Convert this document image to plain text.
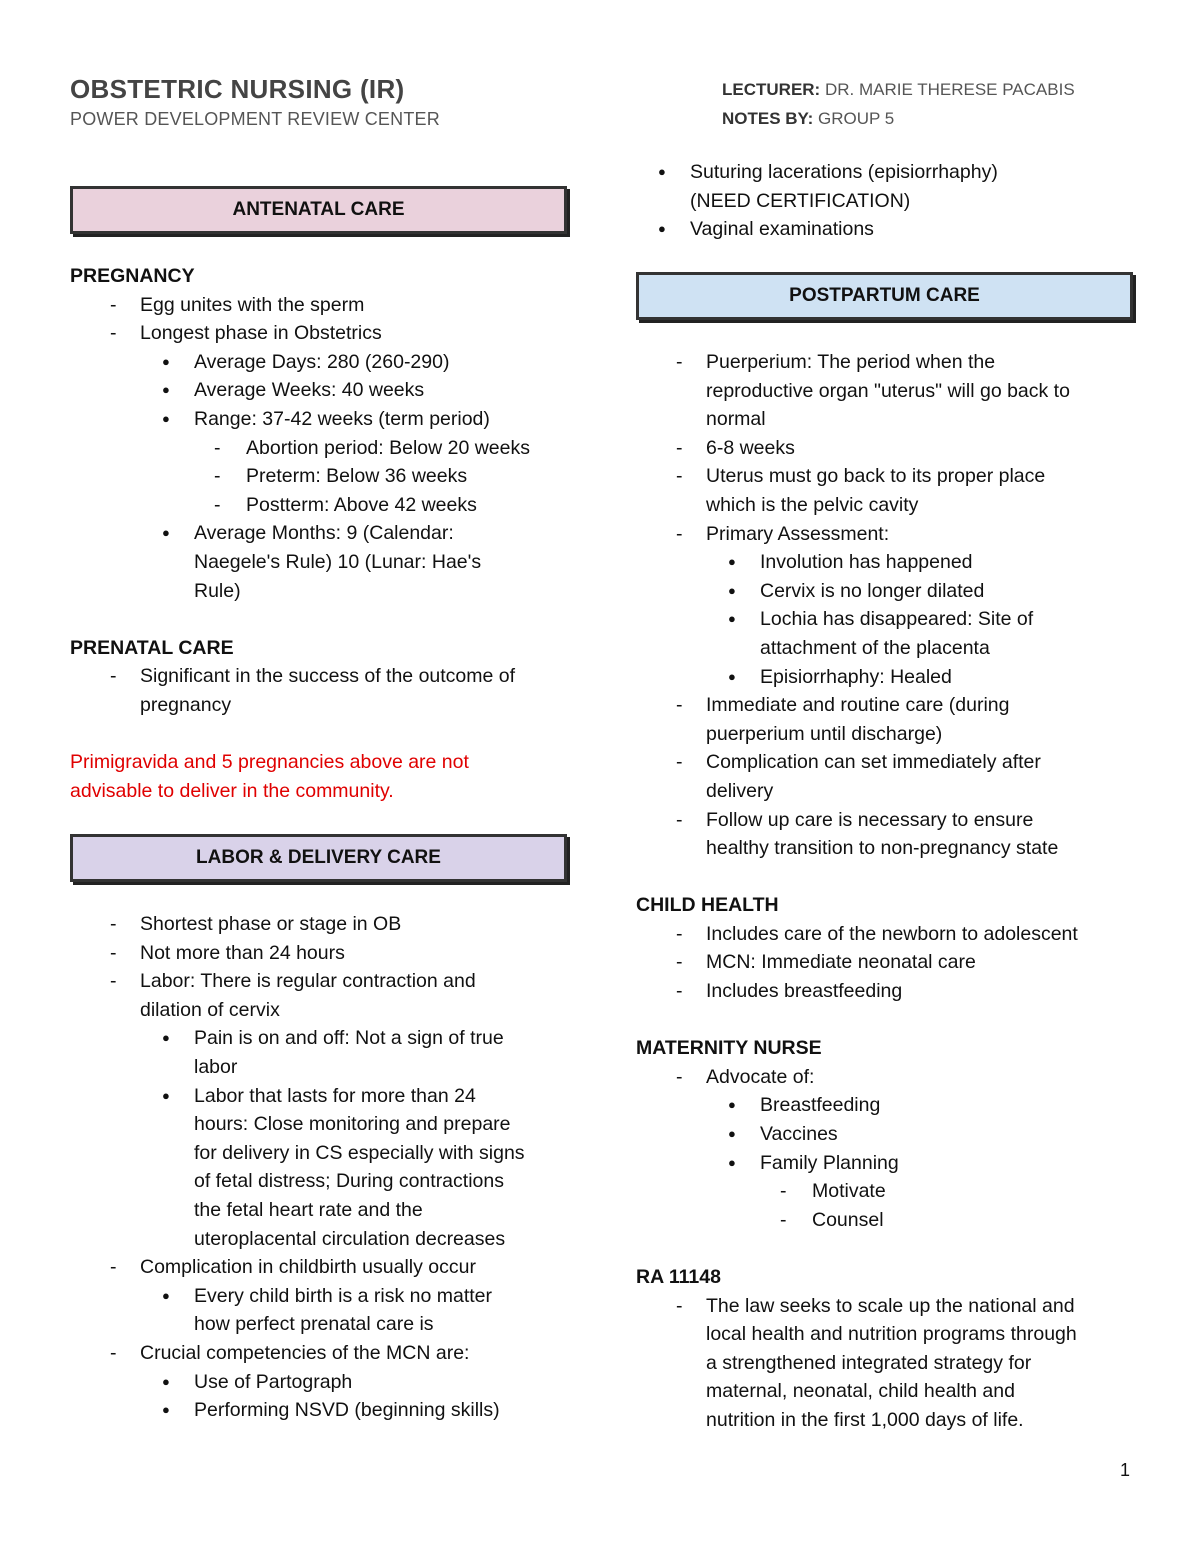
OBSTETRIC NURSING (IR)
POWER DEVELOPMENT REVIEW CENTER
LECTURER: DR. MARIE THERESE PACABIS
NOTES BY: GROUP 5
ANTENATAL CARE
LABOR & DELIVERY CARE
POSTPARTUM CARE
PREGNANCY
- Egg unites with the sperm
- Longest phase in Obstetrics
● Average Days: 280 (260-290)
● Average Weeks: 40 weeks
● Range: 37-42 weeks (term period)
- Abortion period: Below 20 weeks
- Preterm: Below 36 weeks
- Postterm: Above 42 weeks
● Average Months: 9 (Calendar:
Naegele's Rule) 10 (Lunar: Hae's
Rule)
PRENATAL CARE
- Significant in the success of the outcome of
pregnancy
Primigravida and 5 pregnancies above are not
advisable to deliver in the community.
- Shortest phase or stage in OB
- Not more than 24 hours
- Labor: There is regular contraction and
dilation of cervix
● Pain is on and off: Not a sign of true
labor
● Labor that lasts for more than 24
hours: Close monitoring and prepare
for delivery in CS especially with signs
of fetal distress; During contractions
the fetal heart rate and the
uteroplacental circulation decreases
- Complication in childbirth usually occur
● Every child birth is a risk no matter
how perfect prenatal care is
- Crucial competencies of the MCN are:
● Use of Partograph
● Performing NSVD (beginning skills)
● Suturing lacerations (episiorrhaphy)
(NEED CERTIFICATION)
● Vaginal examinations
- Puerperium: The period when the
reproductive organ "uterus" will go back to
normal
- 6-8 weeks
- Uterus must go back to its proper place
which is the pelvic cavity
- Primary Assessment:
● Involution has happened
● Cervix is no longer dilated
● Lochia has disappeared: Site of
attachment of the placenta
● Episiorrhaphy: Healed
- Immediate and routine care (during
puerperium until discharge)
- Complication can set immediately after
delivery
- Follow up care is necessary to ensure
healthy transition to non-pregnancy state
CHILD HEALTH
- Includes care of the newborn to adolescent
- MCN: Immediate neonatal care
- Includes breastfeeding
MATERNITY NURSE
- Advocate of:
● Breastfeeding
● Vaccines
● Family Planning
- Motivate
- Counsel
RA 11148
- The law seeks to scale up the national and
local health and nutrition programs through
a strengthened integrated strategy for
maternal, neonatal, child health and
nutrition in the first 1,000 days of life.
1
